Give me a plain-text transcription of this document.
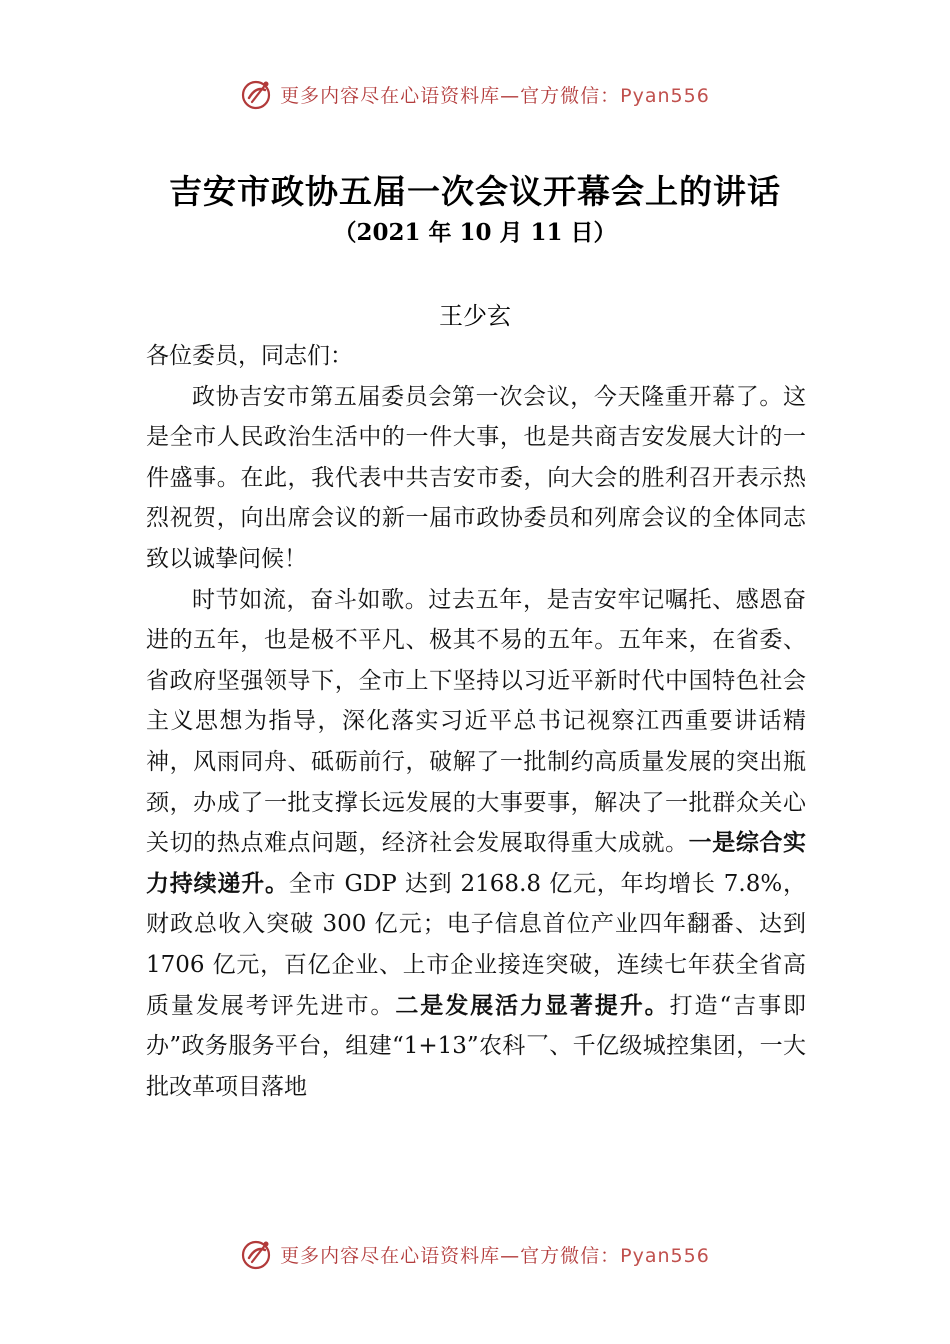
更多内容尽在心语资料库—官方微信：Pyan556
吉安市政协五届一次会议开幕会上的讲话

（2021 年 10 月 11 日）

王少玄

各位委员，同志们：

政协吉安市第五届委员会第一次会议，今天隆重开幕了。这是全市人民政治生活中的一件大事，也是共商吉安发展大计的一件盛事。在此，我代表中共吉安市委，向大会的胜利召开表示热烈祝贺，向出席会议的新一届市政协委员和列席会议的全体同志致以诚挚问候！

时节如流，奋斗如歌。过去五年，是吉安牢记嘱托、感恩奋进的五年，也是极不平凡、极其不易的五年。五年来，在省委、省政府坚强领导下，全市上下坚持以习近平新时代中国特色社会主义思想为指导，深化落实习近平总书记视察江西重要讲话精神，风雨同舟、砥砺前行，破解了一批制约高质量发展的突出瓶颈，办成了一批支撑长远发展的大事要事，解决了一批群众关心关切的热点难点问题，经济社会发展取得重大成就。一是综合实力持续递升。全市 GDP 达到 2168.8 亿元，年均增长 7.8%，财政总收入突破 300 亿元；电子信息首位产业四年翻番、达到 1706 亿元，百亿企业、上市企业接连突破，连续七年获全省高质量发展考评先进市。二是发展活力显著提升。打造“吉事即办”政务服务平台，组建“1+13”农科⺂、千亿级城控集团，一大批改革项目落地

更多内容尽在心语资料库—官方微信：Pyan556
